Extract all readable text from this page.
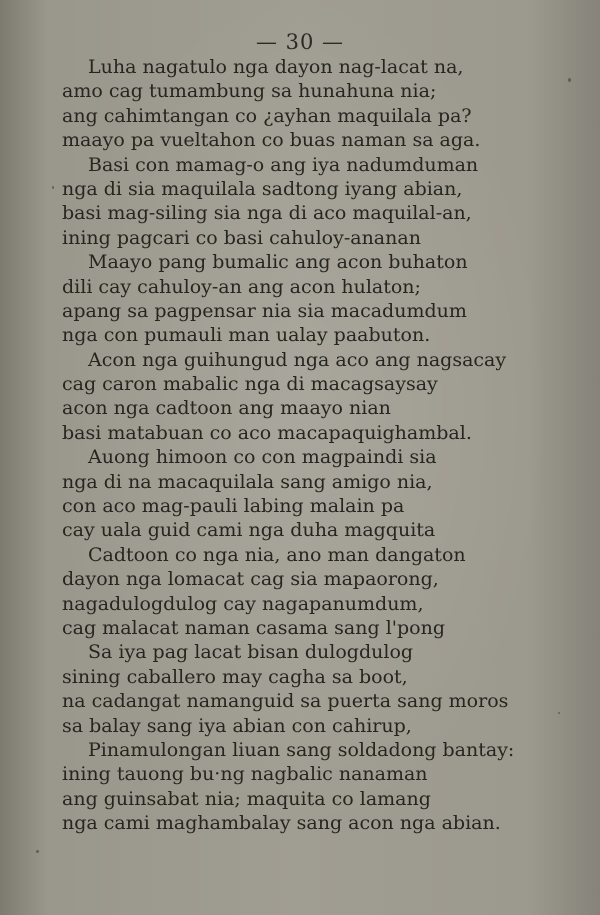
— 30 —
Luha nagatulo nga dayon nag-lacat na,
amo cag tumambung sa hunahuna nia;
ang cahimtangan co ¿ayhan maquilala pa?
maayo pa vueltahon co buas naman sa aga.
Basi con mamag-o ang iya nadumduman
nga di sia maquilala sadtong iyang abian,
basi mag-siling sia nga di aco maquilal-an,
ining pagcari co basi cahuloy-ananan
Maayo pang bumalic ang acon buhaton
dili cay cahuloy-an ang acon hulaton;
apang sa pagpensar nia sia macadumdum
nga con pumauli man ualay paabuton.
Acon nga guihungud nga aco ang nagsacay
cag caron mabalic nga di macagsaysay
acon nga cadtoon ang maayo nian
basi matabuan co aco macapaquighambal.
Auong himoon co con magpaindi sia
nga di na macaquilala sang amigo nia,
con aco mag-pauli labing malain pa
cay uala guid cami nga duha magquita
Cadtoon co nga nia, ano man dangaton
dayon nga lomacat cag sia mapaorong,
nagadulogdulog cay nagapanumdum,
cag malacat naman casama sang l'pong
Sa iya pag lacat bisan dulogdulog
sining caballero may cagha sa boot,
na cadangat namanguid sa puerta sang moros
sa balay sang iya abian con cahirup,
Pinamulongan liuan sang soldadong bantay:
ining tauong bu·ng nagbalic nanaman
ang guinsabat nia; maquita co lamang
nga cami maghambalay sang acon nga abian.
